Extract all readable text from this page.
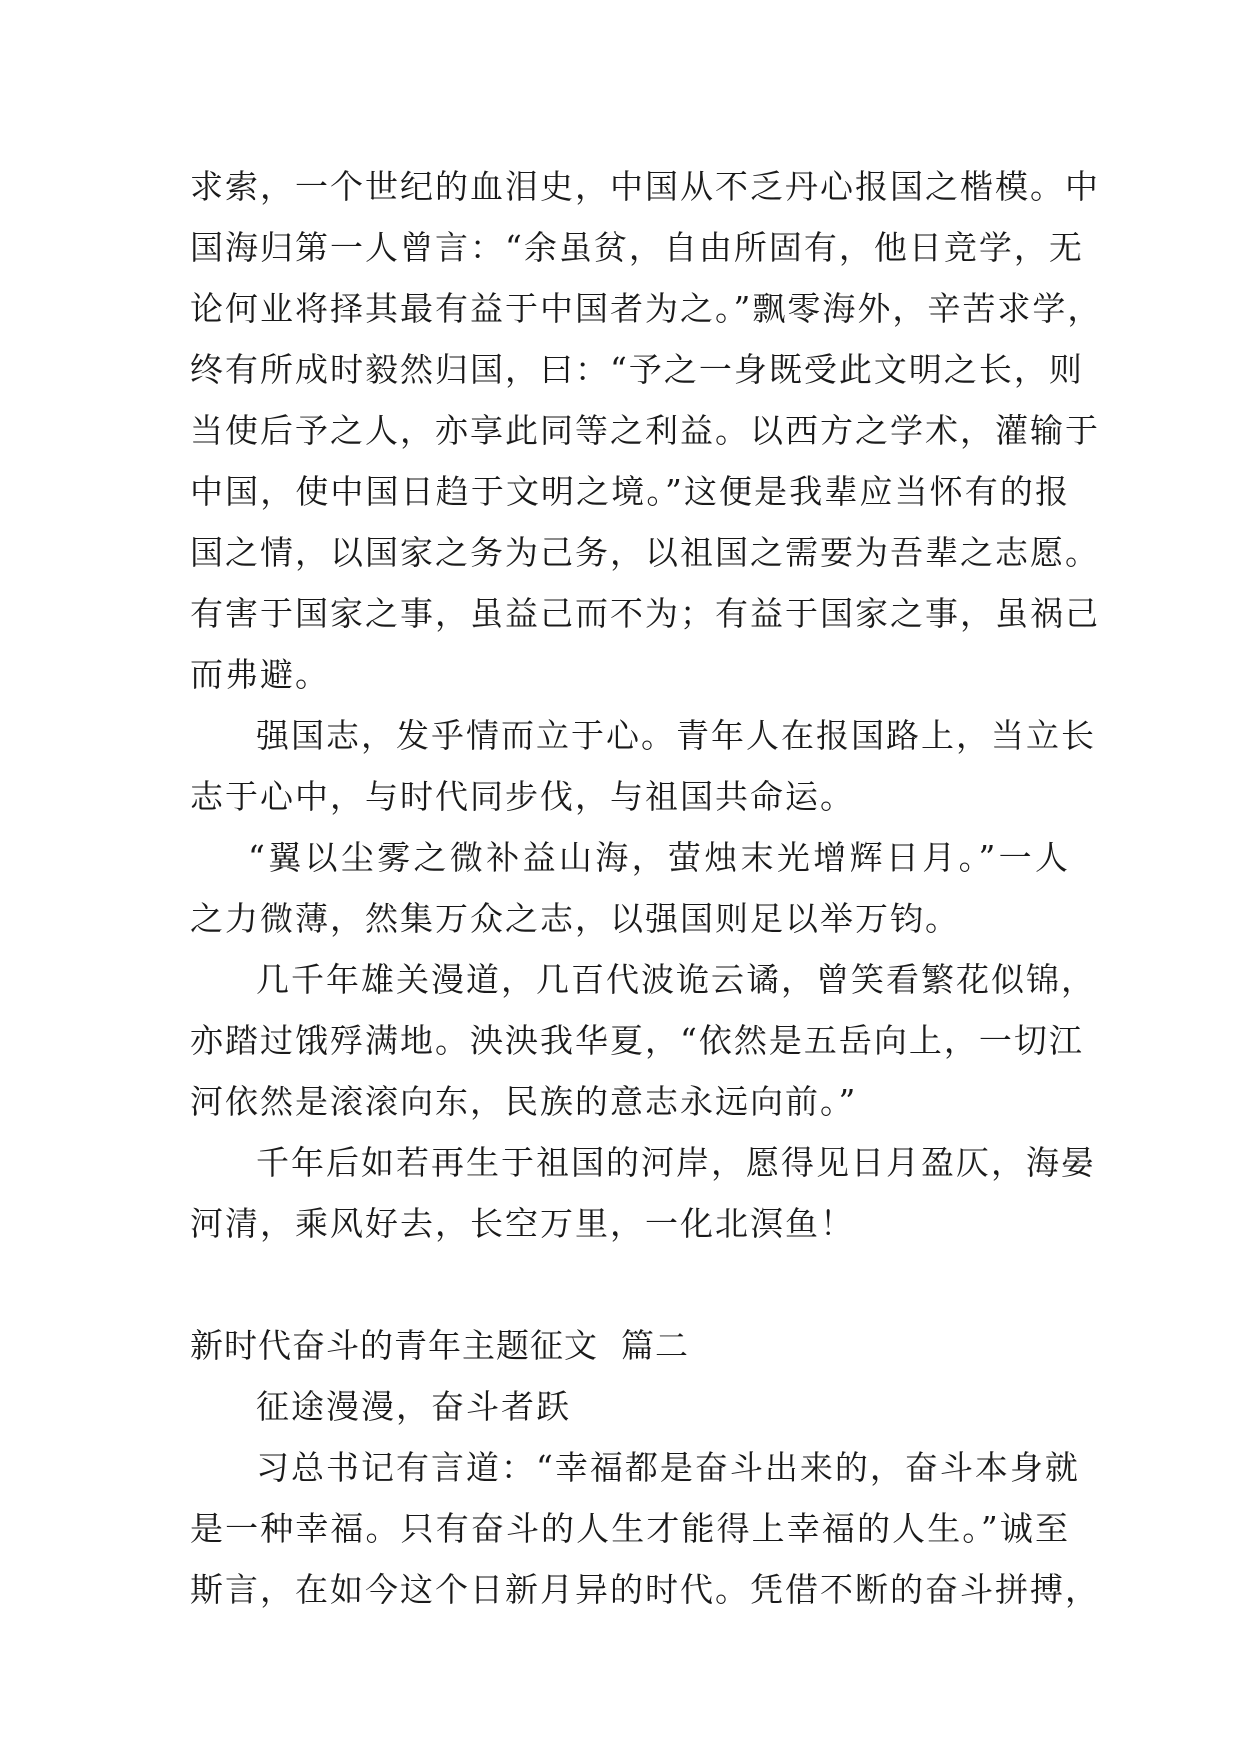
求索，一个世纪的血泪史，中国从不乏丹心报国之楷模。中
国海归第一人曾言：“余虽贫，自由所固有，他日竞学，无
论何业将择其最有益于中国者为之。”飘零海外，辛苦求学，
终有所成时毅然归国，曰：“予之一身既受此文明之长，则
当使后予之人，亦享此同等之利益。以西方之学术，灌输于
中国，使中国日趋于文明之境。”这便是我辈应当怀有的报
国之情，以国家之务为己务，以祖国之需要为吾辈之志愿。
有害于国家之事，虽益己而不为；有益于国家之事，虽祸己
而弗避。
强国志，发乎情而立于心。青年人在报国路上，当立长
志于心中，与时代同步伐，与祖国共命运。
“翼以尘雾之微补益山海，萤烛末光增辉日月。”一人
之力微薄，然集万众之志，以强国则足以举万钧。
几千年雄关漫道，几百代波诡云谲，曾笑看繁花似锦，
亦踏过饿殍满地。泱泱我华夏，“依然是五岳向上，一切江
河依然是滚滚向东，民族的意志永远向前。”
千年后如若再生于祖国的河岸，愿得见日月盈仄，海晏
河清，乘风好去，长空万里，一化北溟鱼！
新时代奋斗的青年主题征文  篇二
征途漫漫，奋斗者跃
习总书记有言道：“幸福都是奋斗出来的，奋斗本身就
是一种幸福。只有奋斗的人生才能得上幸福的人生。”诚至
斯言，在如今这个日新月异的时代。凭借不断的奋斗拼搏，
